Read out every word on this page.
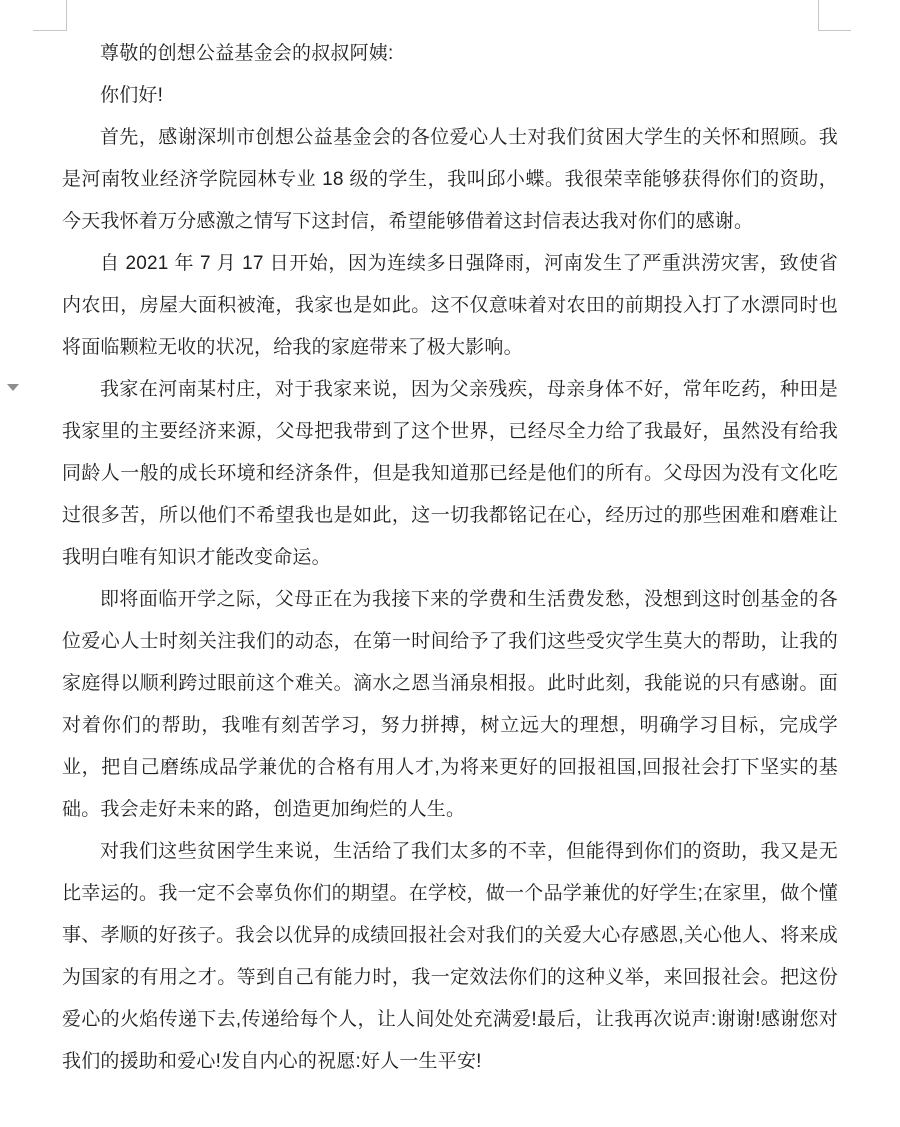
尊敬的创想公益基金会的叔叔阿姨:

你们好!

首先，感谢深圳市创想公益基金会的各位爱心人士对我们贫困大学生的关怀和照顾。我是河南牧业经济学院园林专业 18 级的学生，我叫邱小蝶。我很荣幸能够获得你们的资助，今天我怀着万分感激之情写下这封信，希望能够借着这封信表达我对你们的感谢。

自 2021 年 7 月 17 日开始，因为连续多日强降雨，河南发生了严重洪涝灾害，致使省内农田，房屋大面积被淹，我家也是如此。这不仅意味着对农田的前期投入打了水漂同时也将面临颗粒无收的状况，给我的家庭带来了极大影响。

我家在河南某村庄，对于我家来说，因为父亲残疾，母亲身体不好，常年吃药，种田是我家里的主要经济来源，父母把我带到了这个世界，已经尽全力给了我最好，虽然没有给我同龄人一般的成长环境和经济条件，但是我知道那已经是他们的所有。父母因为没有文化吃过很多苦，所以他们不希望我也是如此，这一切我都铭记在心，经历过的那些困难和磨难让我明白唯有知识才能改变命运。

即将面临开学之际，父母正在为我接下来的学费和生活费发愁，没想到这时创基金的各位爱心人士时刻关注我们的动态，在第一时间给予了我们这些受灾学生莫大的帮助，让我的家庭得以顺利跨过眼前这个难关。滴水之恩当涌泉相报。此时此刻，我能说的只有感谢。面对着你们的帮助，我唯有刻苦学习，努力拼搏，树立远大的理想，明确学习目标，完成学业，把自己磨练成品学兼优的合格有用人才,为将来更好的回报祖国,回报社会打下坚实的基础。我会走好未来的路，创造更加绚烂的人生。

对我们这些贫困学生来说，生活给了我们太多的不幸，但能得到你们的资助，我又是无比幸运的。我一定不会辜负你们的期望。在学校，做一个品学兼优的好学生;在家里，做个懂事、孝顺的好孩子。我会以优异的成绩回报社会对我们的关爱大心存感恩,关心他人、将来成为国家的有用之才。等到自己有能力时，我一定效法你们的这种义举，来回报社会。把这份爱心的火焰传递下去,传递给每个人，让人间处处充满爱!最后，让我再次说声:谢谢!感谢您对我们的援助和爱心!发自内心的祝愿:好人一生平安!
